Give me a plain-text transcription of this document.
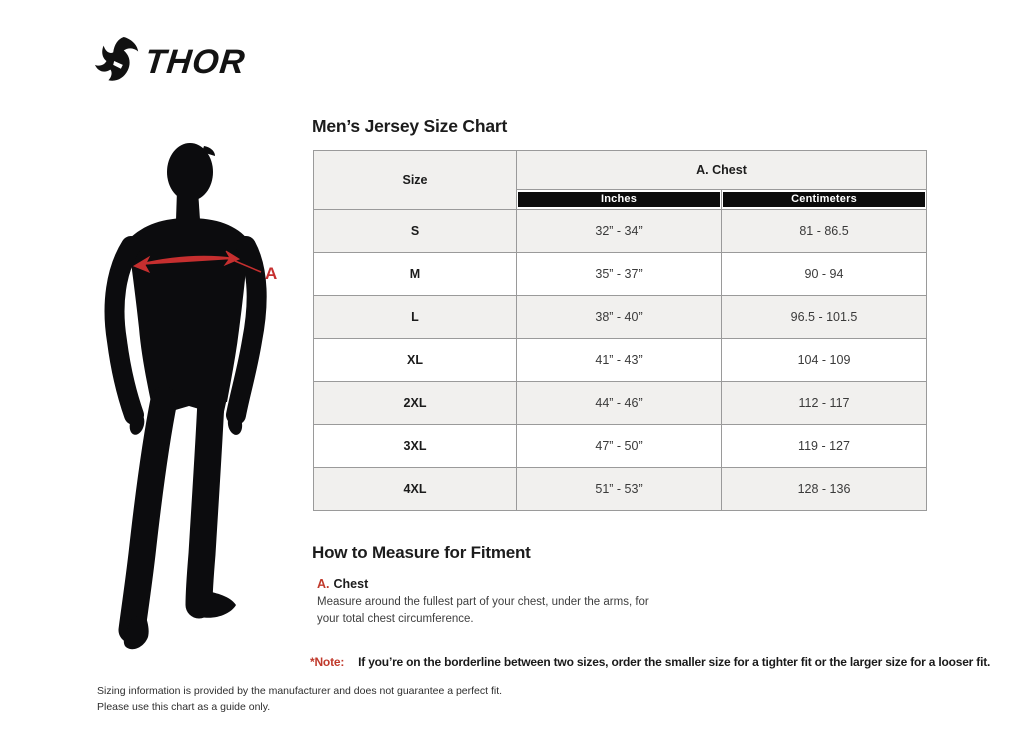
THOR
A
Men’s Jersey Size Chart
Size	A. Chest	

	Inches	Centimeters

S	32” - 34”	81 - 86.5
M	35” - 37”	90 - 94
L	38” - 40”	96.5 - 101.5
XL	41” - 43”	104 - 109
2XL	44” - 46”	112 - 117
3XL	47” - 50”	119 - 127
4XL	51” - 53”	128 - 136
How to Measure for Fitment
A. Chest
Measure around the fullest part of your chest, under the arms, for your total chest circumference.
*Note: If you’re on the borderline between two sizes, order the smaller size for a tighter fit or the larger size for a looser fit.
Sizing information is provided by the manufacturer and does not guarantee a perfect fit.
Please use this chart as a guide only.
